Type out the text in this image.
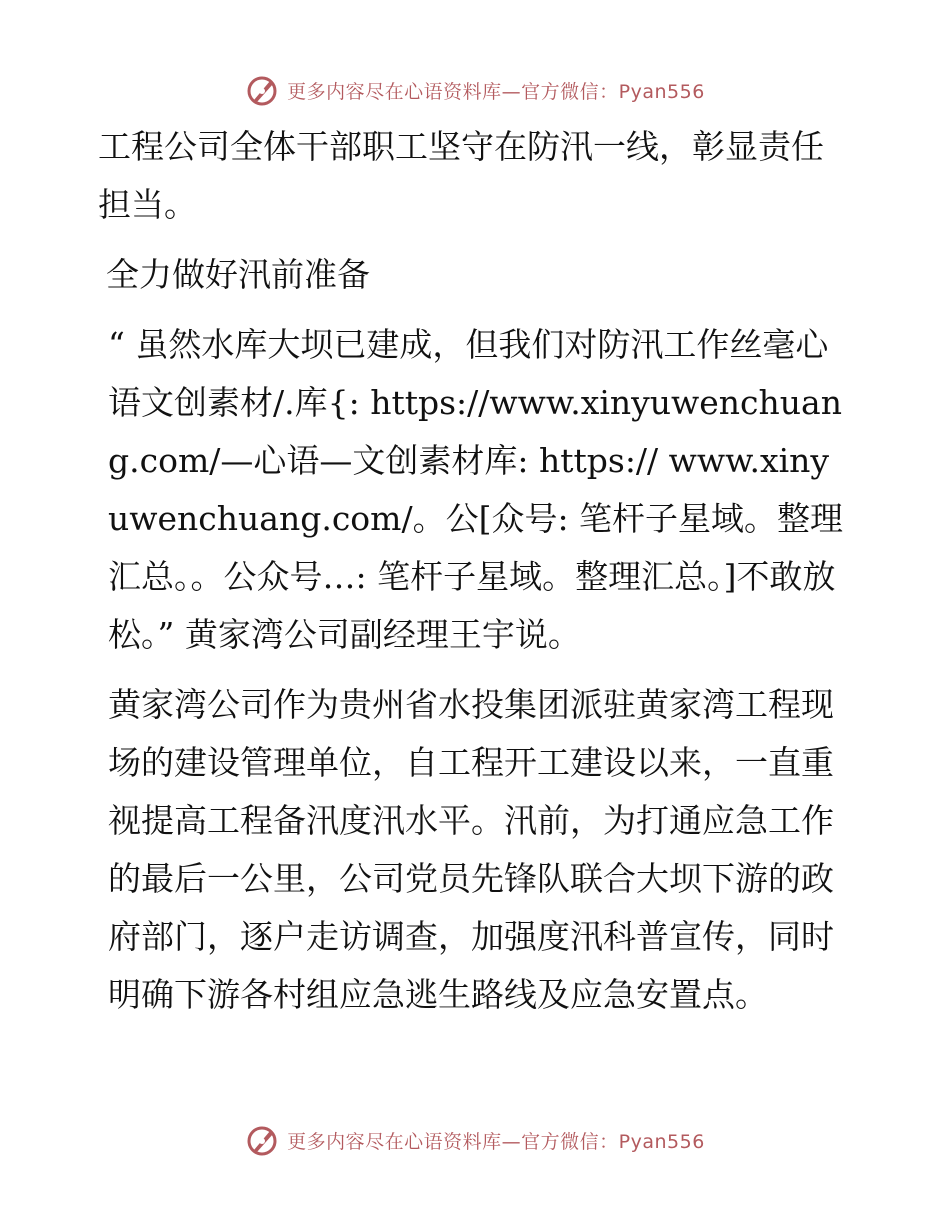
更多内容尽在心语资料库—官方微信：Pyan556

工程公司全体干部职工坚守在防汛一线，彰显责任担当。

全力做好汛前准备

“ 虽然水库大坝已建成，但我们对防汛工作丝毫心语文创素材/.库{: https://www.xinyuwenchuang.com/—心语—文创素材库: https:// www.xinyuwenchuang.com/。公[众号: 笔杆子星域。整理汇总。。公众号…: 笔杆子星域。整理汇总。]不敢放松。” 黄家湾公司副经理王宇说。

黄家湾公司作为贵州省水投集团派驻黄家湾工程现场的建设管理单位，自工程开工建设以来，一直重视提高工程备汛度汛水平。汛前，为打通应急工作的最后一公里，公司党员先锋队联合大坝下游的政府部门，逐户走访调查，加强度汛科普宣传，同时明确下游各村组应急逃生路线及应急安置点。

更多内容尽在心语资料库—官方微信：Pyan556
